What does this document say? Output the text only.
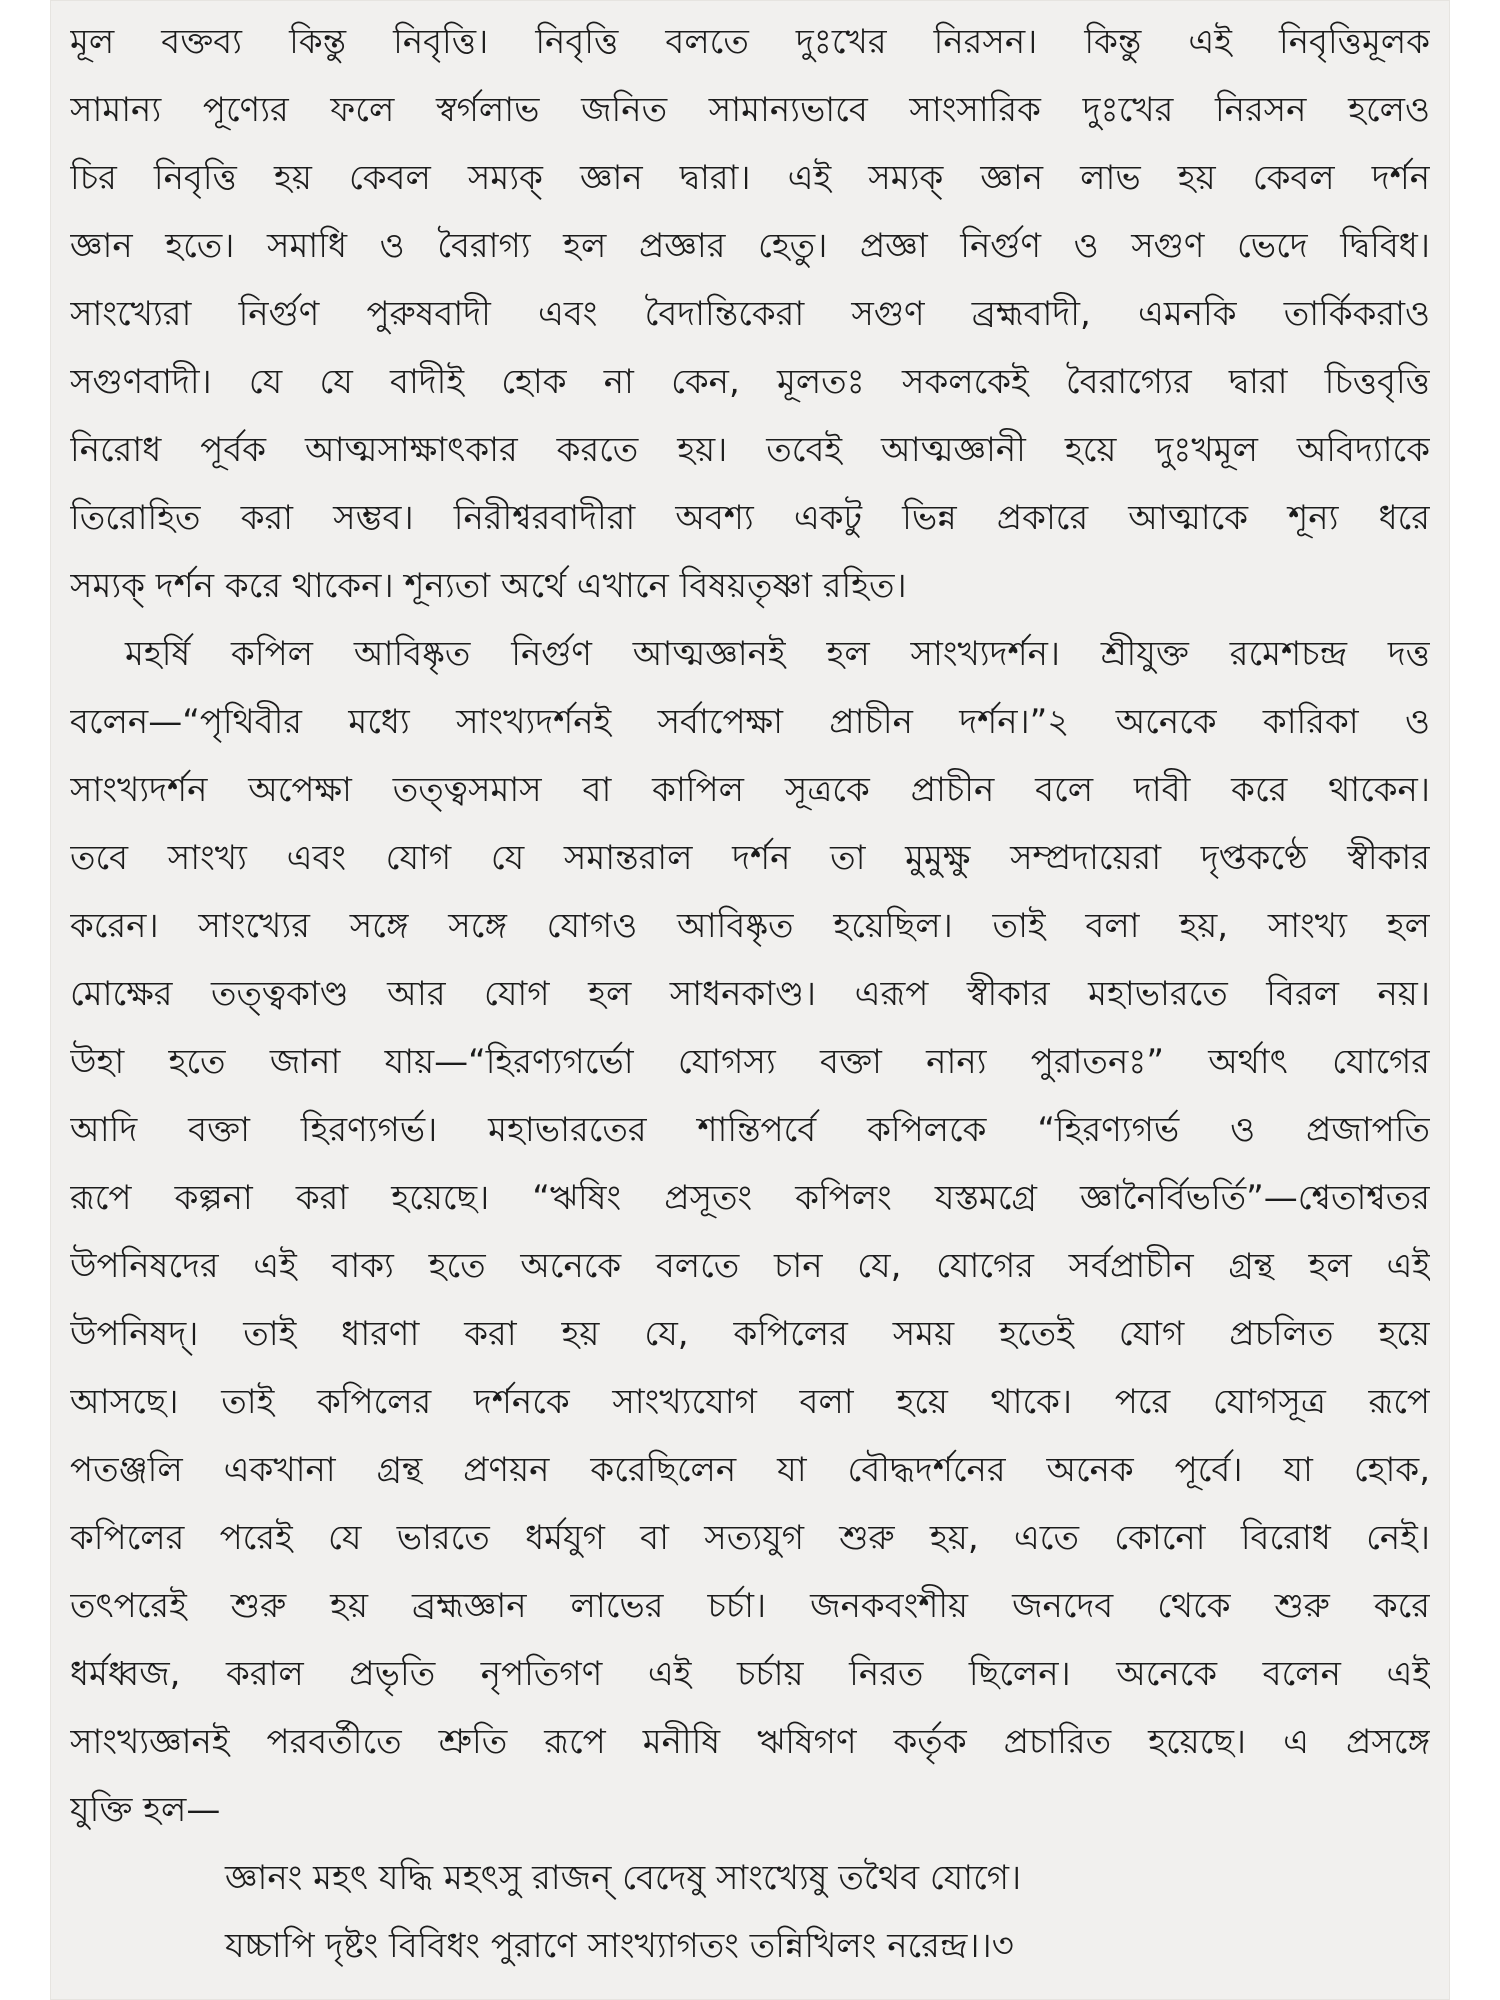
মূল বক্তব্য কিন্তু নিবৃত্তি। নিবৃত্তি বলতে দুঃখের নিরসন। কিন্তু এই নিবৃত্তিমূলক
সামান্য পূণ্যের ফলে স্বর্গলাভ জনিত সামান্যভাবে সাংসারিক দুঃখের নিরসন হলেও
চির নিবৃত্তি হয় কেবল সম্যক্ জ্ঞান দ্বারা। এই সম্যক্ জ্ঞান লাভ হয় কেবল দর্শন
জ্ঞান হতে। সমাধি ও বৈরাগ্য হল প্রজ্ঞার হেতু। প্রজ্ঞা নির্গুণ ও সগুণ ভেদে দ্বিবিধ।
সাংখ্যেরা নির্গুণ পুরুষবাদী এবং বৈদান্তিকেরা সগুণ ব্রহ্মবাদী, এমনকি তার্কিকরাও
সগুণবাদী। যে যে বাদীই হোক না কেন, মূলতঃ সকলকেই বৈরাগ্যের দ্বারা চিত্তবৃত্তি
নিরোধ পূর্বক আত্মসাক্ষাৎকার করতে হয়। তবেই আত্মজ্ঞানী হয়ে দুঃখমূল অবিদ্যাকে
তিরোহিত করা সম্ভব। নিরীশ্বরবাদীরা অবশ্য একটু ভিন্ন প্রকারে আত্মাকে শূন্য ধরে
সম্যক্ দর্শন করে থাকেন। শূন্যতা অর্থে এখানে বিষয়তৃষ্ণা রহিত।
মহর্ষি কপিল আবিষ্কৃত নির্গুণ আত্মজ্ঞানই হল সাংখ্যদর্শন। শ্রীযুক্ত রমেশচন্দ্র দত্ত
বলেন—“পৃথিবীর মধ্যে সাংখ্যদর্শনই সর্বাপেক্ষা প্রাচীন দর্শন।”২ অনেকে কারিকা ও
সাংখ্যদর্শন অপেক্ষা তত্ত্বসমাস বা কাপিল সূত্রকে প্রাচীন বলে দাবী করে থাকেন।
তবে সাংখ্য এবং যোগ যে সমান্তরাল দর্শন তা মুমুক্ষু সম্প্রদায়েরা দৃপ্তকণ্ঠে স্বীকার
করেন। সাংখ্যের সঙ্গে সঙ্গে যোগও আবিষ্কৃত হয়েছিল। তাই বলা হয়, সাংখ্য হল
মোক্ষের তত্ত্বকাণ্ড আর যোগ হল সাধনকাণ্ড। এরূপ স্বীকার মহাভারতে বিরল নয়।
উহা হতে জানা যায়—“হিরণ্যগর্ভো যোগস্য বক্তা নান্য পুরাতনঃ” অর্থাৎ যোগের
আদি বক্তা হিরণ্যগর্ভ। মহাভারতের শান্তিপর্বে কপিলকে “হিরণ্যগর্ভ ও প্রজাপতি
রূপে কল্পনা করা হয়েছে। “ঋষিং প্রসূতং কপিলং যস্তমগ্রে জ্ঞানৈর্বিভর্তি”—শ্বেতাশ্বতর
উপনিষদের এই বাক্য হতে অনেকে বলতে চান যে, যোগের সর্বপ্রাচীন গ্রন্থ হল এই
উপনিষদ্। তাই ধারণা করা হয় যে, কপিলের সময় হতেই যোগ প্রচলিত হয়ে
আসছে। তাই কপিলের দর্শনকে সাংখ্যযোগ বলা হয়ে থাকে। পরে যোগসূত্র রূপে
পতঞ্জলি একখানা গ্রন্থ প্রণয়ন করেছিলেন যা বৌদ্ধদর্শনের অনেক পূর্বে। যা হোক,
কপিলের পরেই যে ভারতে ধর্মযুগ বা সত্যযুগ শুরু হয়, এতে কোনো বিরোধ নেই।
তৎপরেই শুরু হয় ব্রহ্মজ্ঞান লাভের চর্চা। জনকবংশীয় জনদেব থেকে শুরু করে
ধর্মধ্বজ, করাল প্রভৃতি নৃপতিগণ এই চর্চায় নিরত ছিলেন। অনেকে বলেন এই
সাংখ্যজ্ঞানই পরবর্তীতে শ্রুতি রূপে মনীষি ঋষিগণ কর্তৃক প্রচারিত হয়েছে। এ প্রসঙ্গে
যুক্তি হল—
জ্ঞানং মহৎ যদ্ধি মহৎসু রাজন্ বেদেষু সাংখ্যেষু তথৈব যোগে।
যচ্চাপি দৃষ্টং বিবিধং পুরাণে সাংখ্যাগতং তন্নিখিলং নরেন্দ্র।।৩
